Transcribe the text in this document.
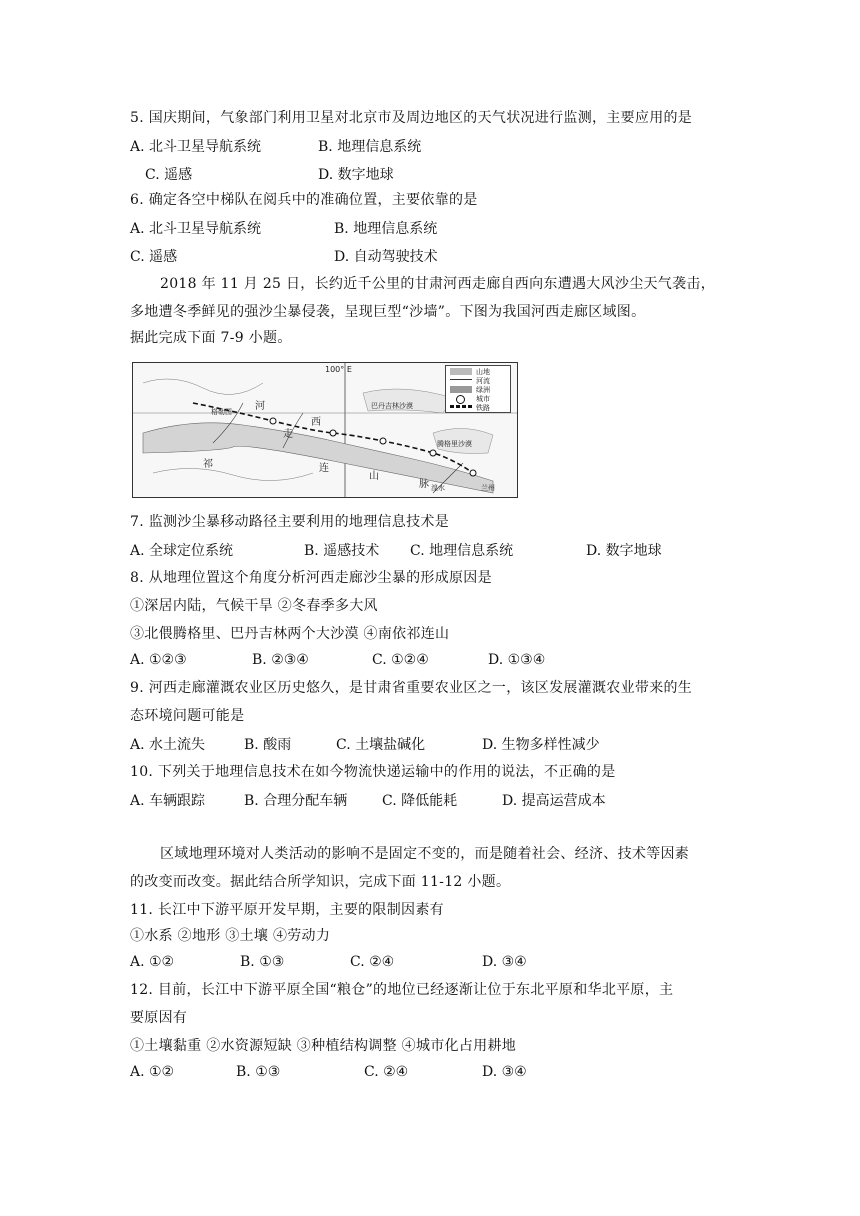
5. 国庆期间，气象部门利用卫星对北京市及周边地区的天气状况进行监测，主要应用的是
A. 北斗卫星导航系统	B. 地理信息系统
C. 遥感	D. 数字地球
6. 确定各空中梯队在阅兵中的准确位置，主要依靠的是
A. 北斗卫星导航系统	B. 地理信息系统
C. 遥感	D. 自动驾驶技术
2018 年 11 月 25 日，长约近千公里的甘肃河西走廊自西向东遭遇大风沙尘天气袭击，
多地遭冬季鲜见的强沙尘暴侵袭，呈现巨型“沙墙”。下图为我国河西走廊区域图。
据此完成下面 7-9 小题。
100° E
格勒图 河
西
走
祁	连
山
脉
巴丹吉林沙漠
腾格里沙漠
湟水	兰州
山地
河流
绿洲
城市
铁路
7. 监测沙尘暴移动路径主要利用的地理信息技术是
A. 全球定位系统	B. 遥感技术 C. 地理信息系统	D. 数字地球
8. 从地理位置这个角度分析河西走廊沙尘暴的形成原因是
①深居内陆，气候干旱 ②冬春季多大风
③北偎腾格里、巴丹吉林两个大沙漠 ④南依祁连山
A. ①②③	B. ②③④	C. ①②④	D. ①③④
9. 河西走廊灌溉农业区历史悠久，是甘肃省重要农业区之一，该区发展灌溉农业带来的生
态环境问题可能是
A. 水土流失	B. 酸雨	C. 土壤盐碱化	D. 生物多样性减少
10. 下列关于地理信息技术在如今物流快递运输中的作用的说法，不正确的是
A. 车辆跟踪	B. 合理分配车辆 C. 降低能耗	D. 提高运营成本
区域地理环境对人类活动的影响不是固定不变的，而是随着社会、经济、技术等因素
的改变而改变。据此结合所学知识，完成下面 11-12 小题。
11. 长江中下游平原开发早期，主要的限制因素有
①水系 ②地形 ③土壤 ④劳动力
A. ①②	B. ①③	C. ②④	D. ③④
12. 目前，长江中下游平原全国“粮仓”的地位已经逐渐让位于东北平原和华北平原，主
要原因有
①土壤黏重 ②水资源短缺 ③种植结构调整 ④城市化占用耕地
A. ①②	B. ①③	C. ②④	D. ③④
